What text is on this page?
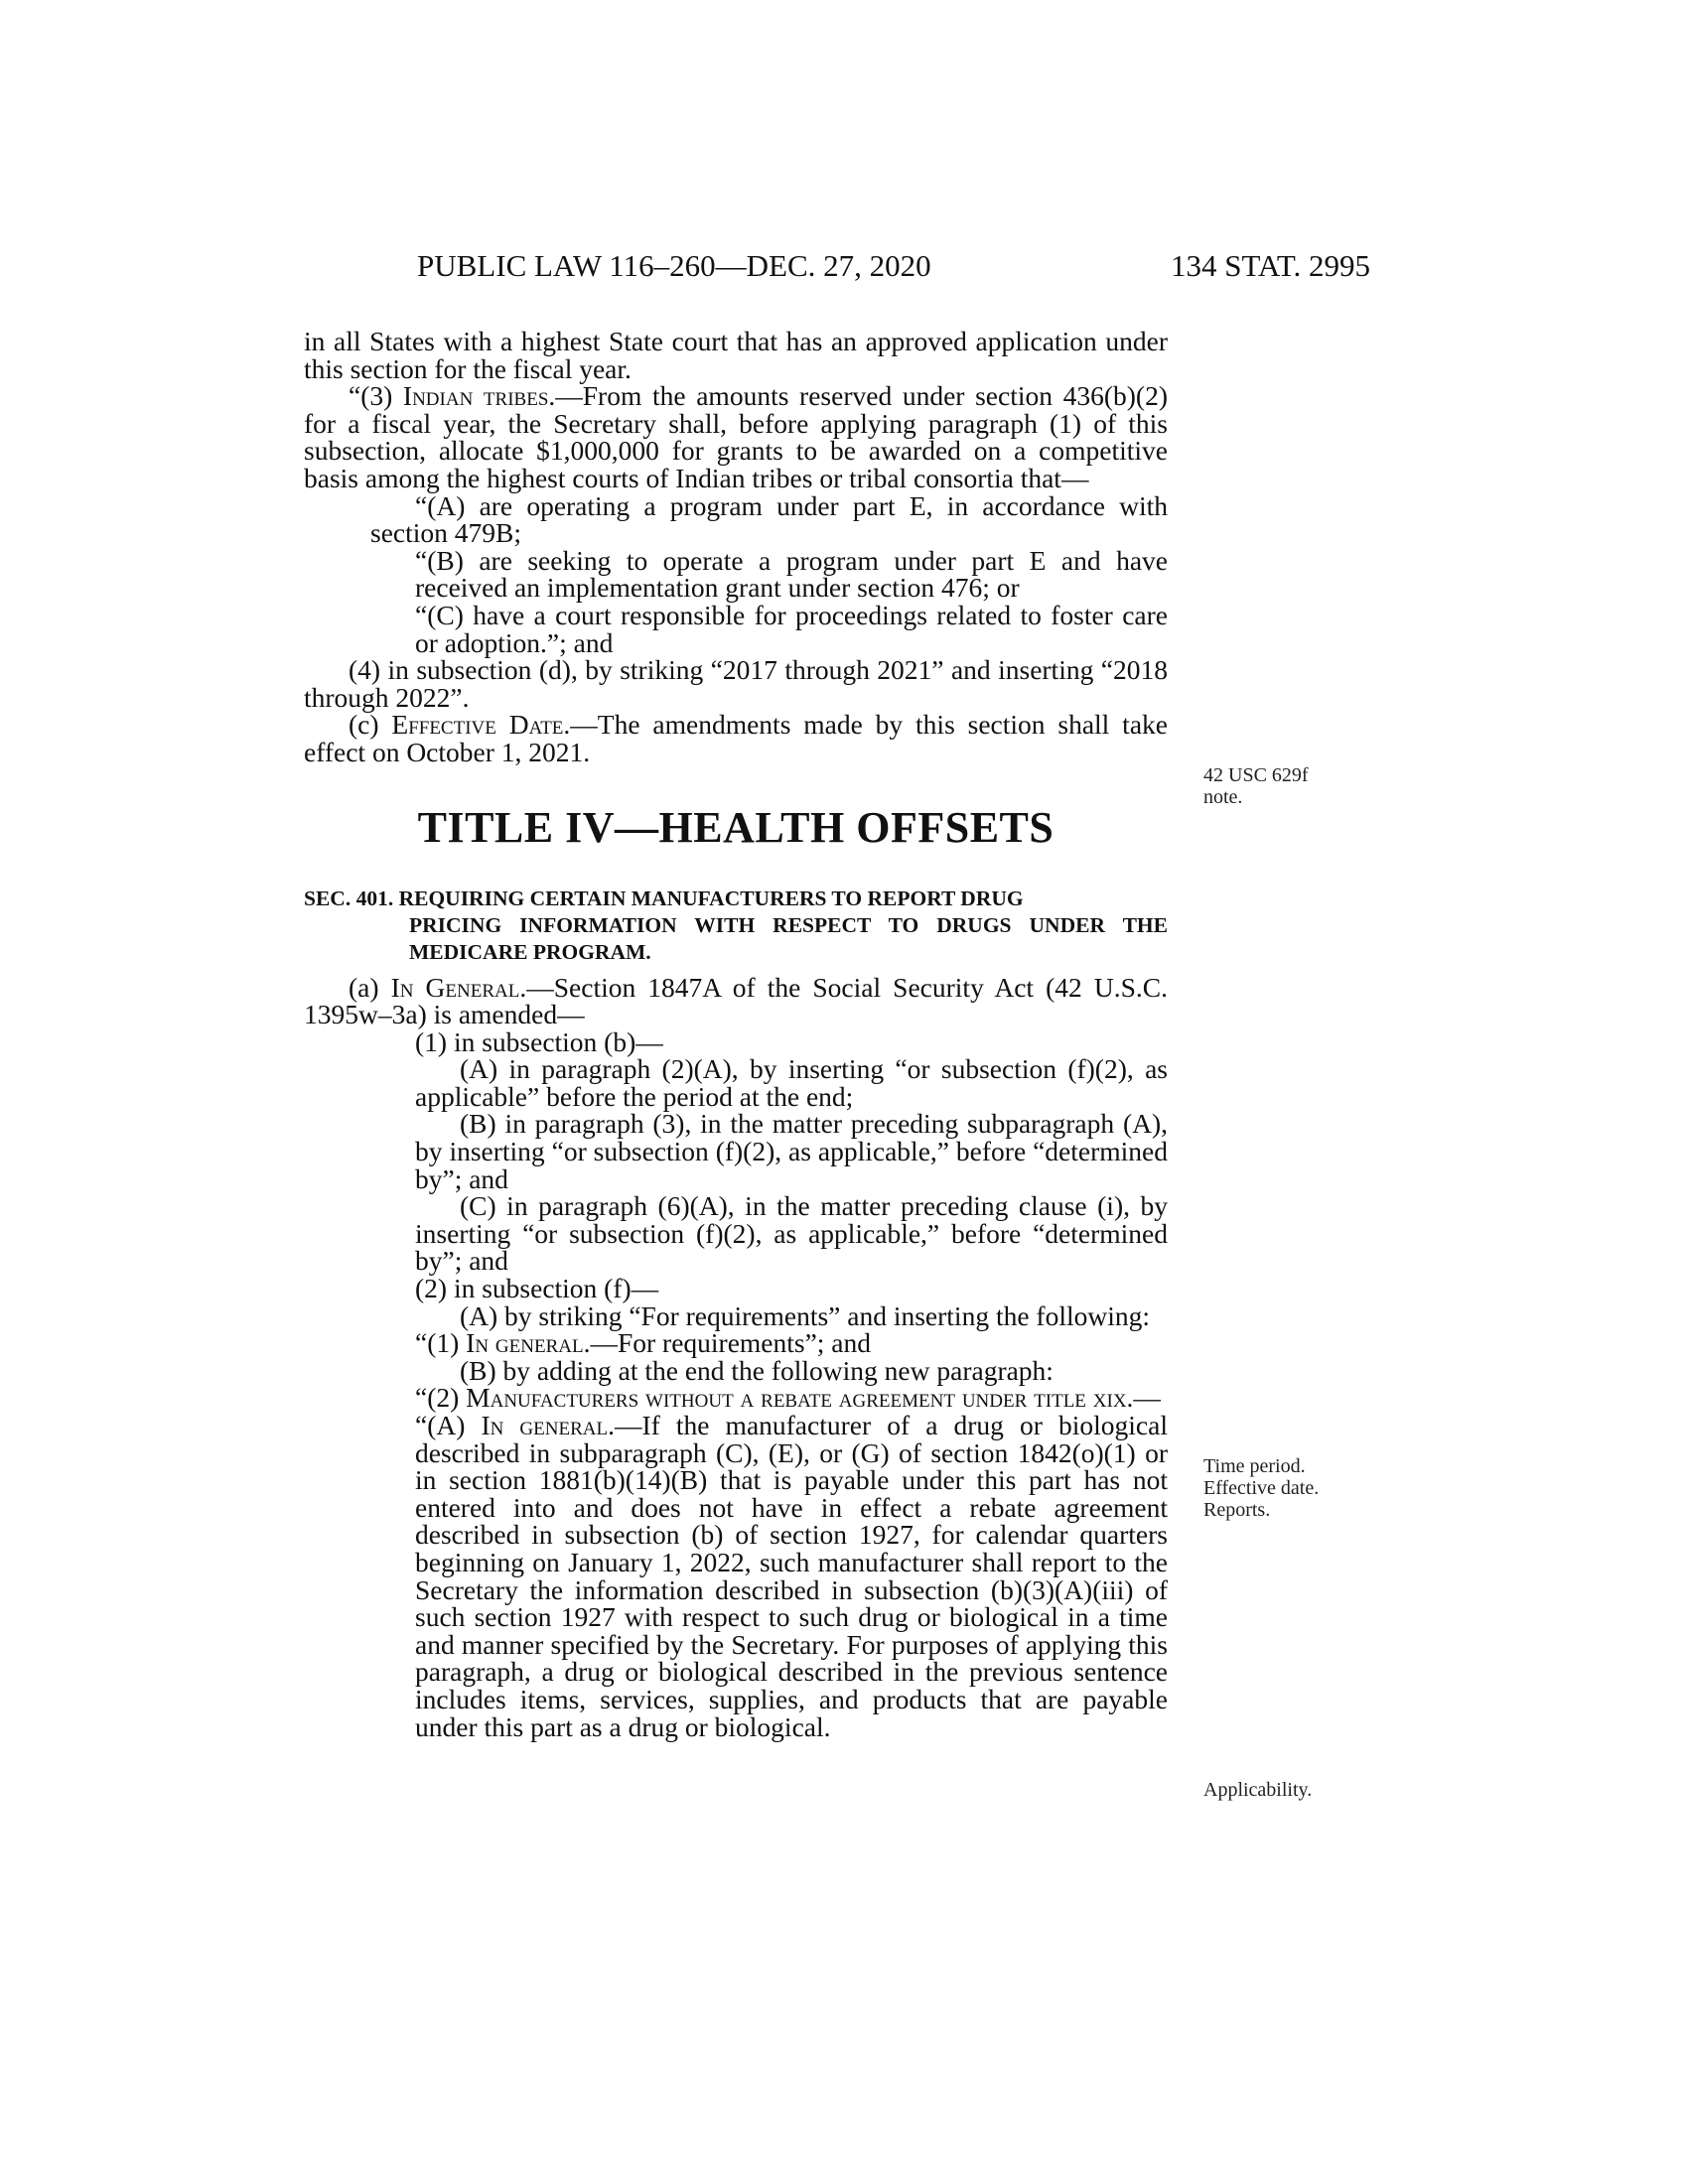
PUBLIC LAW 116–260—DEC. 27, 2020	134 STAT. 2995

in all States with a highest State court that has an approved application under this section for the fiscal year.

“(3) Indian tribes.—From the amounts reserved under section 436(b)(2) for a fiscal year, the Secretary shall, before applying paragraph (1) of this subsection, allocate $1,000,000 for grants to be awarded on a competitive basis among the highest courts of Indian tribes or tribal consortia that—

“(A) are operating a program under part E, in accordance with section 479B;

“(B) are seeking to operate a program under part E and have received an implementation grant under section 476; or

“(C) have a court responsible for proceedings related to foster care or adoption.”; and

(4) in subsection (d), by striking “2017 through 2021” and inserting “2018 through 2022”.

(c) Effective Date.—The amendments made by this section shall take effect on October 1, 2021.

TITLE IV—HEALTH OFFSETS
SEC. 401. REQUIRING CERTAIN MANUFACTURERS TO REPORT DRUG
PRICING INFORMATION WITH RESPECT TO DRUGS UNDER THE MEDICARE PROGRAM.

(a) In General.—Section 1847A of the Social Security Act (42 U.S.C. 1395w–3a) is amended—

(1) in subsection (b)—

(A) in paragraph (2)(A), by inserting “or subsection (f)(2), as applicable” before the period at the end;

(B) in paragraph (3), in the matter preceding subparagraph (A), by inserting “or subsection (f)(2), as applicable,” before “determined by”; and

(C) in paragraph (6)(A), in the matter preceding clause (i), by inserting “or subsection (f)(2), as applicable,” before “determined by”; and

(2) in subsection (f)—

(A) by striking “For requirements” and inserting the following:

“(1) In general.—For requirements”; and

(B) by adding at the end the following new paragraph:

“(2) Manufacturers without a rebate agreement under title xix.—

“(A) In general.—If the manufacturer of a drug or biological described in subparagraph (C), (E), or (G) of section 1842(o)(1) or in section 1881(b)(14)(B) that is payable under this part has not entered into and does not have in effect a rebate agreement described in subsection (b) of section 1927, for calendar quarters beginning on January 1, 2022, such manufacturer shall report to the Secretary the information described in subsection (b)(3)(A)(iii) of such section 1927 with respect to such drug or biological in a time and manner specified by the Secretary. For purposes of applying this paragraph, a drug or biological described in the previous sentence includes items, services, supplies, and products that are payable under this part as a drug or biological.

42 USC 629f
note.
Time period.
Effective date.
Reports.
Applicability.
